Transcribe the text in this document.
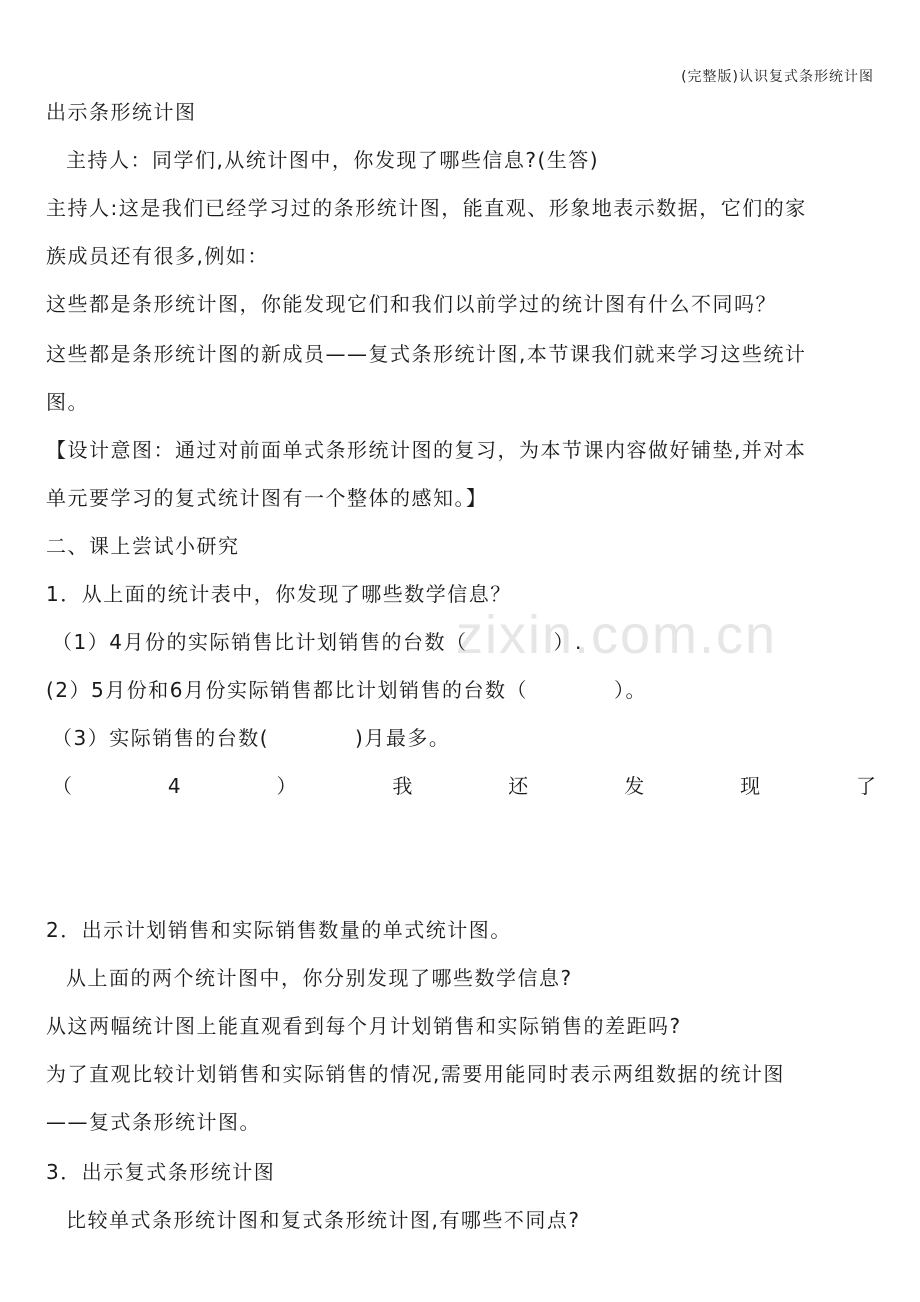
zixin.com.cn
(完整版)认识复式条形统计图
出示条形统计图
主持人：同学们,从统计图中，你发现了哪些信息?(生答)
主持人:这是我们已经学习过的条形统计图，能直观、形象地表示数据，它们的家
族成员还有很多,例如：
这些都是条形统计图，你能发现它们和我们以前学过的统计图有什么不同吗？
这些都是条形统计图的新成员——复式条形统计图,本节课我们就来学习这些统计
图。
【设计意图：通过对前面单式条形统计图的复习，为本节课内容做好铺垫,并对本
单元要学习的复式统计图有一个整体的感知。】
二、课上尝试小研究
1．从上面的统计表中，你发现了哪些数学信息？
（1）4月份的实际销售比计划销售的台数（　　　　）.
(2）5月份和6月份实际销售都比计划销售的台数（　　　　）。
（3）实际销售的台数(　　　　)月最多。
（	4	）	我	还	发	现	了
2．出示计划销售和实际销售数量的单式统计图。
从上面的两个统计图中，你分别发现了哪些数学信息?
从这两幅统计图上能直观看到每个月计划销售和实际销售的差距吗?
为了直观比较计划销售和实际销售的情况,需要用能同时表示两组数据的统计图
——复式条形统计图。
3．出示复式条形统计图
比较单式条形统计图和复式条形统计图,有哪些不同点?
